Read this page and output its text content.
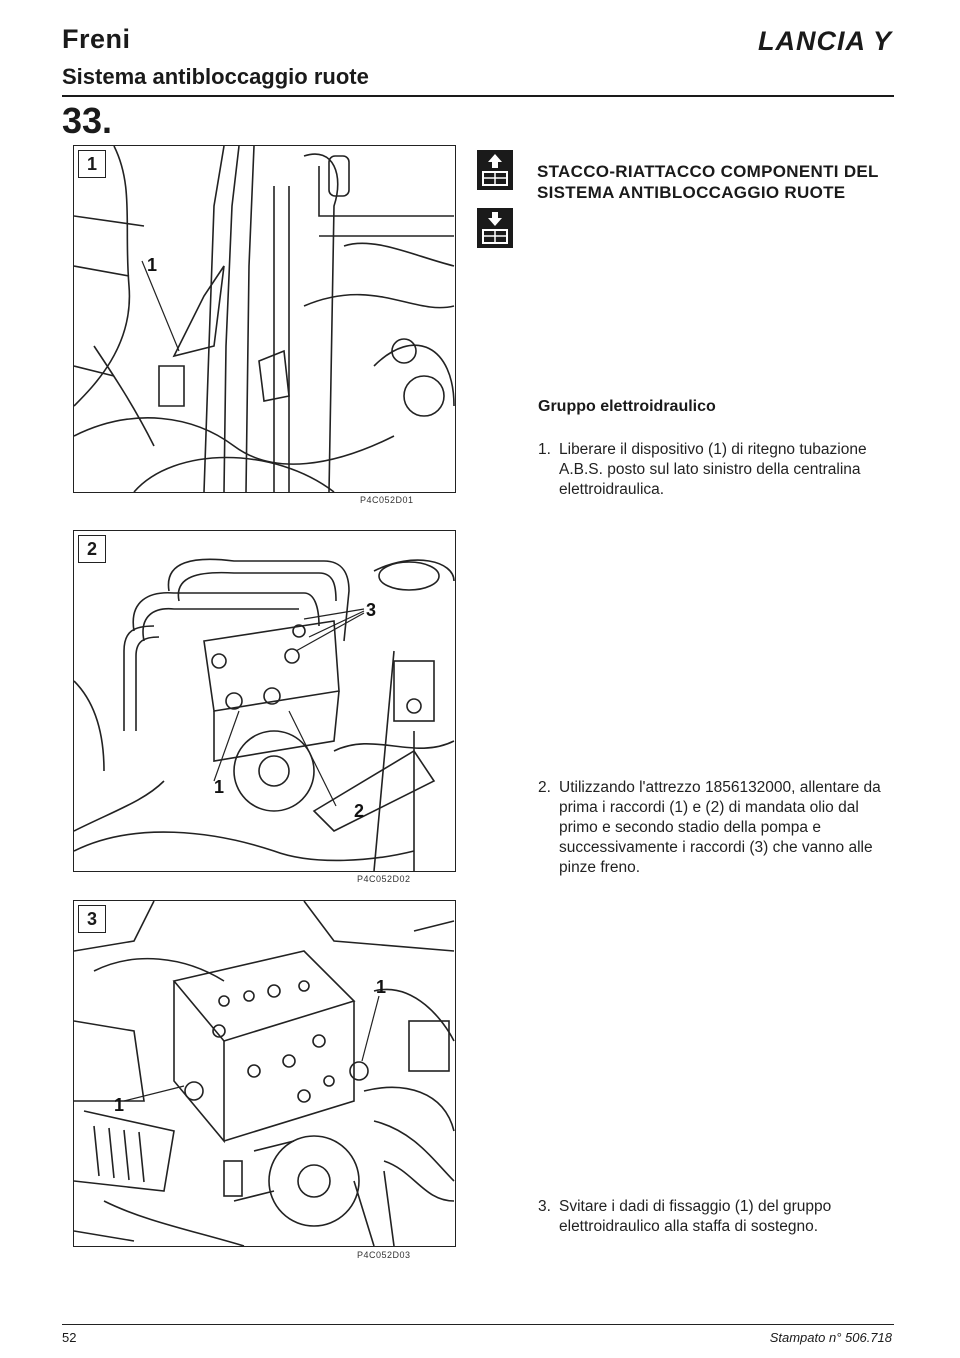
Freni	LANCIA Y
Sistema antibloccaggio ruote
33.
1
1
P4C052D01
3
1
2
2
P4C052D02
1
1
3
P4C052D03
STACCO-RIATTACCO COMPONENTI DEL SISTEMA ANTIBLOCCAGGIO RUOTE
Gruppo elettroidraulico
1. Liberare il dispositivo (1) di ritegno tubazione A.B.S. posto sul lato sinistro della centralina elettroidraulica.
2. Utilizzando l'attrezzo 1856132000, allentare da prima i raccordi (1) e (2) di mandata olio dal primo e secondo stadio della pompa e successivamente i raccordi (3) che vanno alle pinze freno.
3. Svitare i dadi di fissaggio (1) del gruppo elettroidraulico alla staffa di sostegno.
52	Stampato n° 506.718
